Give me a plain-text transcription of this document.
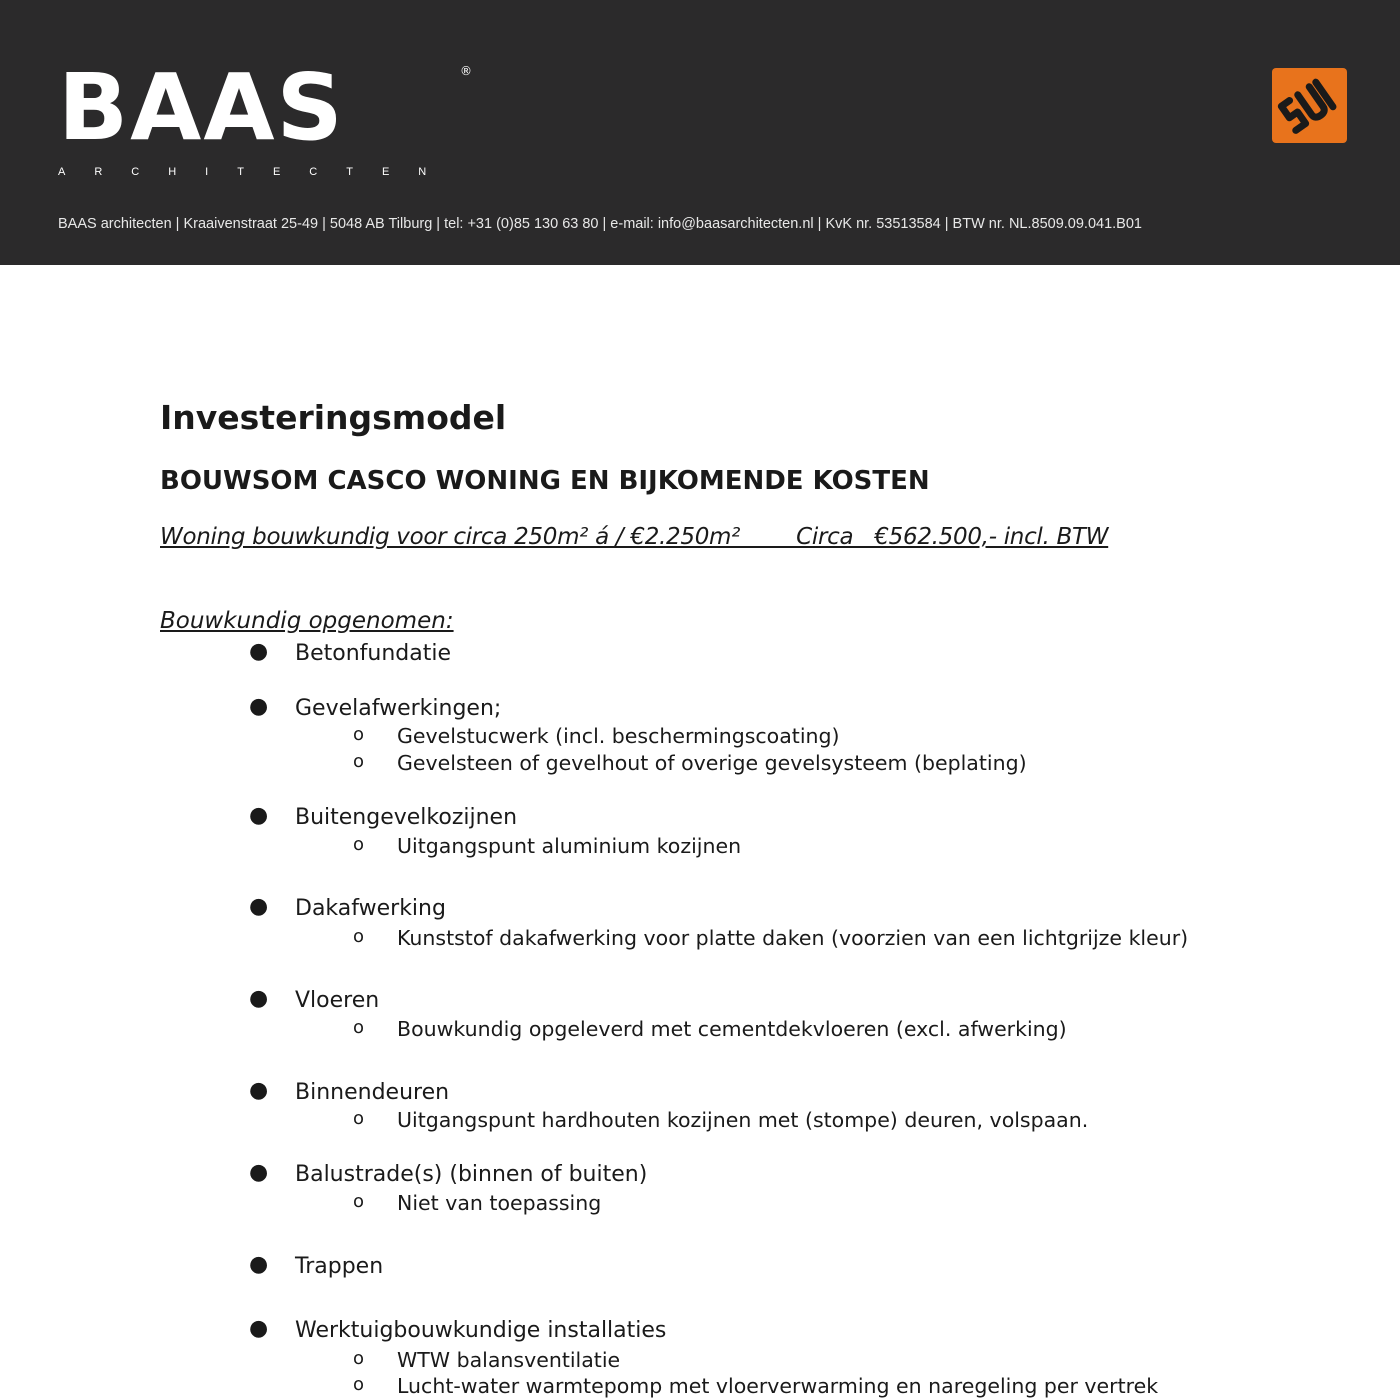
BAAS	®
ARCHITECTEN
BAAS architecten | Kraaivenstraat 25-49 | 5048 AB Tilburg | tel: +31 (0)85 130 63 80 | e-mail: info@baasarchitecten.nl | KvK nr. 53513584 | BTW nr. NL.8509.09.041.B01
Investeringsmodel
BOUWSOM CASCO WONING EN BIJKOMENDE KOSTEN
Woning bouwkundig voor circa 250m² á / €2.250m²        Circa   €562.500,- incl. BTW
Bouwkundig opgenomen:
● Betonfundatie
● Gevelafwerkingen;
o Gevelstucwerk (incl. beschermingscoating)
o Gevelsteen of gevelhout of overige gevelsysteem (beplating)
● Buitengevelkozijnen
o Uitgangspunt aluminium kozijnen
● Dakafwerking
o Kunststof dakafwerking voor platte daken (voorzien van een lichtgrijze kleur)
● Vloeren
o Bouwkundig opgeleverd met cementdekvloeren (excl. afwerking)
● Binnendeuren
o Uitgangspunt hardhouten kozijnen met (stompe) deuren, volspaan.
● Balustrade(s) (binnen of buiten)
o Niet van toepassing
● Trappen
● Werktuigbouwkundige installaties
o WTW balansventilatie
o Lucht-water warmtepomp met vloerverwarming en naregeling per vertrek
